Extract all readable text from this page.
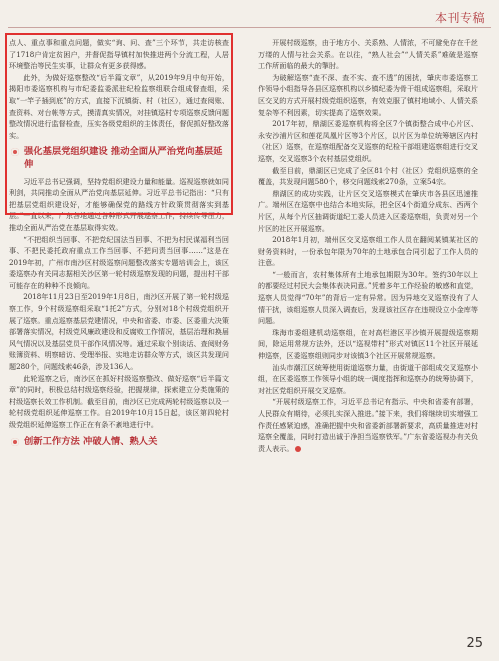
本刊专稿

点人、重点事和重点问题，做实“询、问、查”三个环节，共走访核查了1718户肯定贫困户，并督促指导镇村加快推进两个分流工程，人居环境整治等民生实事，让群众有更多获得感。

此外，为做好巡察整改“后半篇文章”，从2019年9月中旬开始，揭阳市委巡察机构与市纪委监委派驻纪检监察组联合组成督查组，采取“一竿子插到底”的方式，直接下沉镇街、村（社区），通过查阅账、查资料、对台帐等方式，摸清真实情况，对挂镇巡村专项巡察反馈问题整改情况进行监督检查，压实各级党组织的主体责任，督促抓好整改落实。

强化基层党组织建设 推动全面从严治党向基层延伸

习近平总书记强调，坚持党组织建设力量和能量。巡视巡察就如同利剑，共同推动全面从严治党向基层延伸。习近平总书记指出：“只有把基层党组织建设好，才能够确保党的路线方针政策贯彻落实到基层。”一直以来，广东各地通过各种形式开展巡察工作，持续传导压力，推动全面从严治党在基层取得实效。

“不把组织当回事、不把党纪国法当回事、不把为村民谋福利当回事、不把民委托政府重点工作当回事、不把问责当回事……”这是在2019年初，广州市南沙区村级巡察问题整改落实专题培训会上，该区委巡察办有关同志据相关沙区第一轮村级巡察发现的问题，提出村干部可能存在的种种不良倾向。

2018年11月23日至2019年1月8日，南沙区开展了第一轮村级巡察工作，9个村级巡察组采取“1托2”方式，分别对18个村级党组织开展了巡察。重点巡察基层党建情况，中央和省委、市委、区委重大决策部署落实情况，村级党风廉政建设和反腐败工作情况，基层治理和换届风气情况以及基层党员干部作风情况等。通过采取个别谈话、查阅财务账簿资料、明察暗访、受理举报、实地走访群众等方式，该区共发现问题280个，问题线索46条，涉及136人。

此轮巡察之后，南沙区在抓好村级巡察整改、做好巡察“后半篇文章”的同时，积极总结村级巡察经验，把握规律，探索建立分类施策的村级巡察长效工作机制。截至目前，南沙区已完成两轮村级巡察以及一轮村级党组织延伸巡察工作。自2019年10月15日起，该区第四轮村级党组织延伸巡察工作正在有条不紊地进行中。

创新工作方法 冲破人情、熟人关

开展村级巡察，由于地方小、关系熟、人情浓，不可避免存在千丝万缕的人情与社会关系。在以往，“熟人社会”“人情关系”难破是巡察工作所面临的最大的掣肘。

为破解巡察“查不深、查不实、查不透”的困扰，肇庆市委巡察工作领导小组指导各县区巡察机构以乡镇纪委为骨干组成巡察组，采取片区交叉的方式开展村级党组织巡察，有效克服了镇村地域小、人情关系复杂等不利因素，切实提高了巡察效果。

2017年初，鼎湖区委巡察机构将全区7个镇街整合成中心片区、永安沙浦片区和莲花凤凰片区等3个片区，以片区为单位统筹辖区内村（社区）巡察，在巡察组配备交叉巡察的纪检干部组建巡察组进行交叉巡察，交叉巡察3个农村基层党组织。

截至目前，鼎湖区已完成了全区81个村（社区）党组织巡察的全覆盖，共发现问题580个，移交问题线索270条，立案54宗。

鼎湖区的成功实践，让片区交叉巡察模式在肇庆市各县区迅速推广。端州区在巡察中也结合本地实际，把全区4个街道分成东、西两个片区，从每个片区抽调街道纪工委人员进入区委巡察组，负责对另一个片区的社区开展巡察。

2018年1月初，端州区交叉巡察组工作人员在翻阅某镇某社区的财务资料时，一份承包年限为70年的土地承包合同引起了工作人员的注意。

“一般而言，农村集体所有土地承包期限为30年。签约30年以上的都要经过村民大会集体表决同意。”凭着多年工作经验的敏感和直觉，巡察人员觉得“70年”的背后一定有异常。因为异地交叉巡察没有了人情干扰，该组巡察人员深入调查后，发现该社区存在违规设立小金库等问题。

珠海市委组建机动巡察组，在对高栏港区平沙镇开展提级巡察期间，除运用常规方法外，还以“巡视带村”形式对镇区11个社区开展延伸巡察，区委巡察组则同步对该镇3个社区开展常规巡察。

汕头市潮江区统筹使用街道巡察力量，由街道干部组成交叉巡察小组，在区委巡察工作领导小组的统一调度指挥和巡察办的统筹协调下，对社区党组织开展交叉巡察。

“开展村级巡察工作，习近平总书记有指示、中央和省委有部署，人民群众有期待，必须扎实深入推进。”接下来，我们将继续切实增强工作责任感紧迫感，准确把握中央和省委新部署新要求，高质量推进对村巡察全覆盖，同时打造出诚于净担当巡察铁军。”广东省委巡视办有关负责人表示。

25
